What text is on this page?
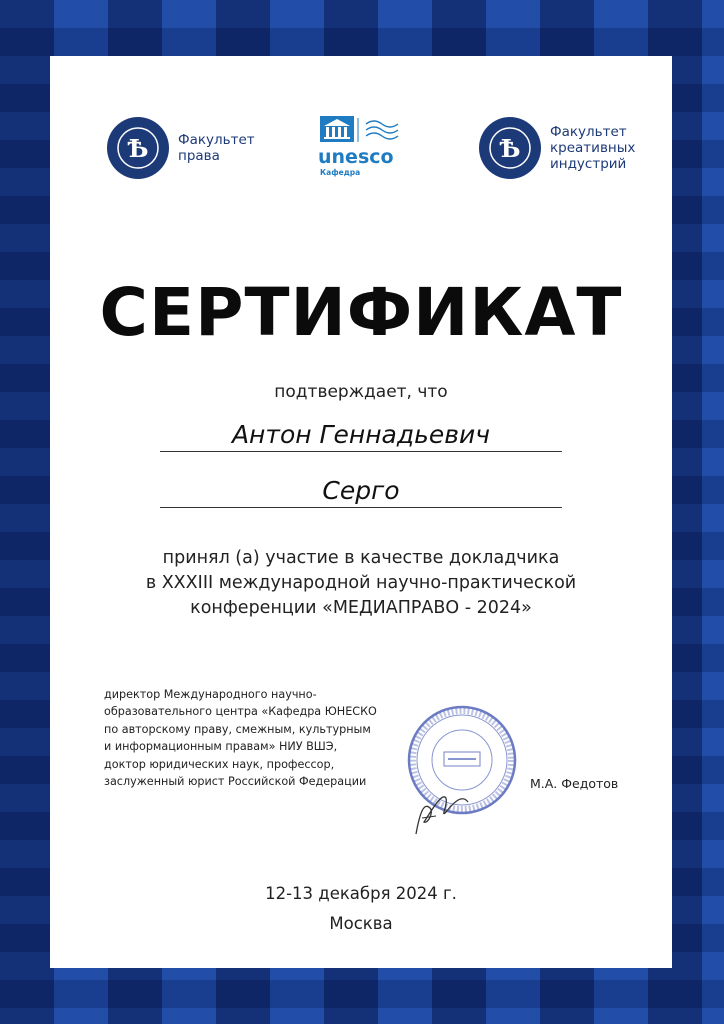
Ѣ Факультет
права	unesco
Кафедра
Ѣ
Факультет
креативных
индустрий
СЕРТИФИКАТ
подтверждает, что
Антон Геннадьевич
Серго
принял (а) участие в качестве докладчика
в XXXIII международной научно-практической
конференции «МЕДИАПРАВО - 2024»
директор Международного научно-
образовательного центра «Кафедра ЮНЕСКО
по авторскому праву, смежным, культурным
и информационным правам» НИУ ВШЭ,
доктор юридических наук, профессор,
заслуженный юрист Российской Федерации	М.А. Федотов
12-13 декабря 2024 г.
Москва
